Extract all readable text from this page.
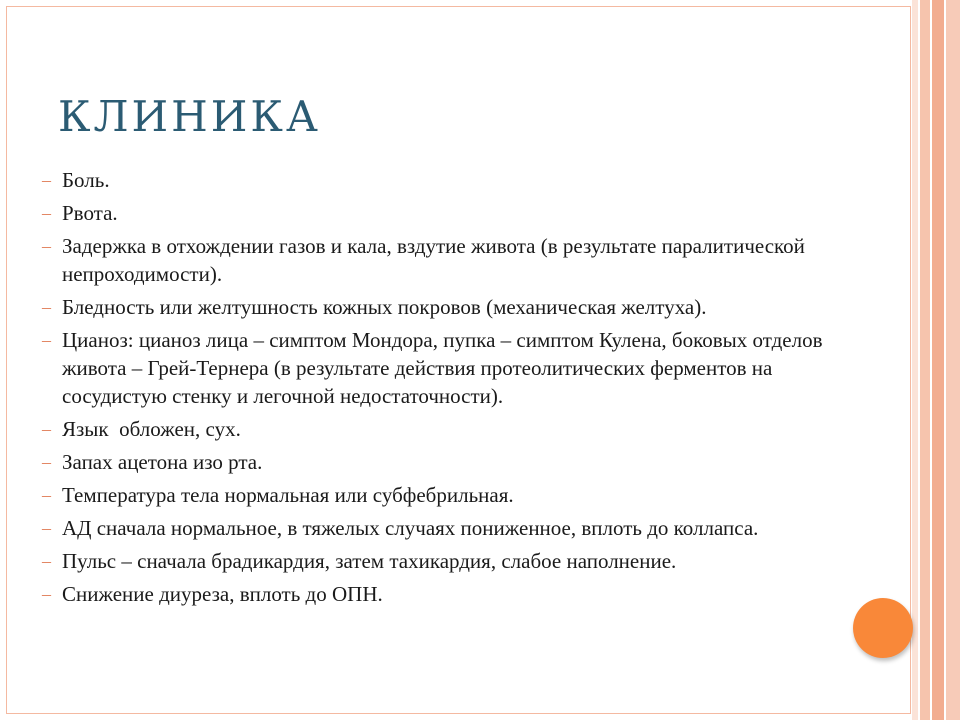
КЛИНИКА
– Боль.
– Рвота.
– Задержка в отхождении газов и кала, вздутие живота (в результате паралитической непроходимости).
– Бледность или желтушность кожных покровов (механическая желтуха).
– Цианоз: цианоз лица – симптом Мондора, пупка – симптом Кулена, боковых отделов живота – Грей-Тернера (в результате действия протеолитических ферментов на сосудистую стенку и легочной недостаточности).
– Язык  обложен, сух.
– Запах ацетона изо рта.
– Температура тела нормальная или субфебрильная.
– АД сначала нормальное, в тяжелых случаях пониженное, вплоть до коллапса.
– Пульс – сначала брадикардия, затем тахикардия, слабое наполнение.
– Снижение диуреза, вплоть до ОПН.
